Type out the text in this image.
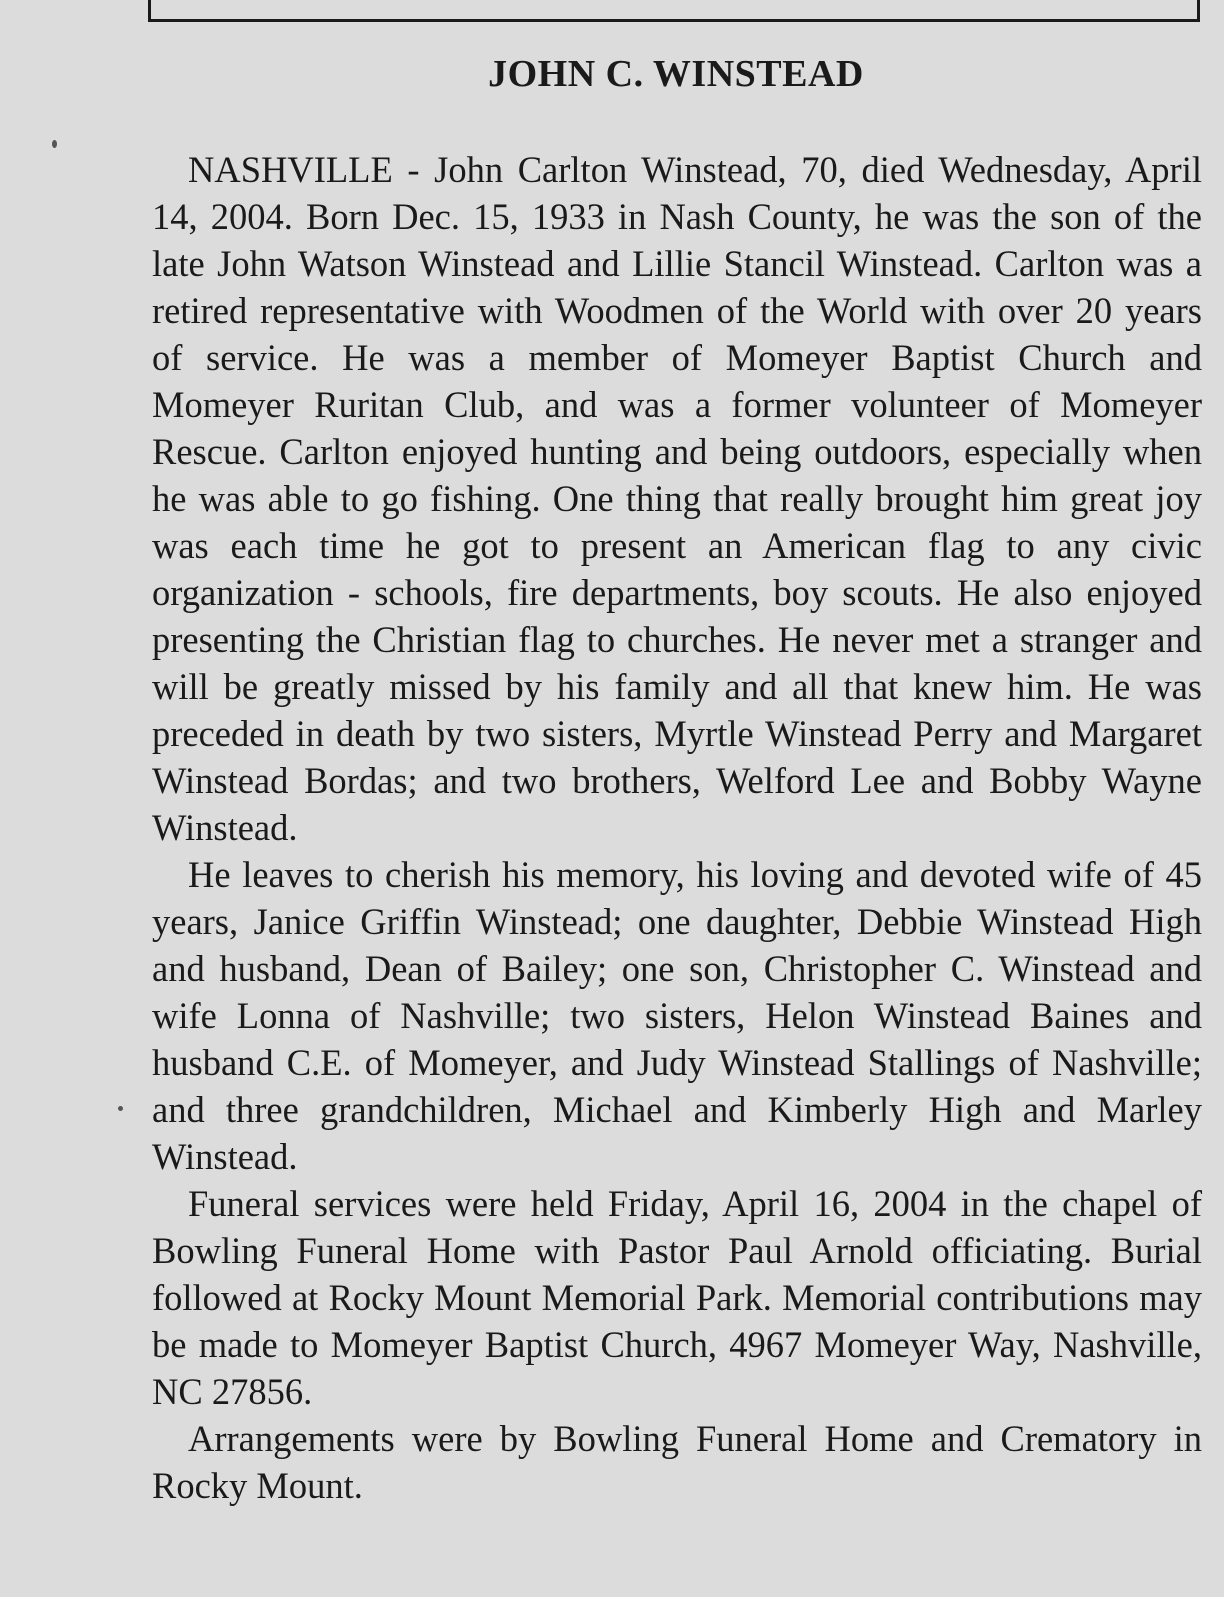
JOHN C. WINSTEAD

NASHVILLE - John Carlton Winstead, 70, died Wednesday, April 14, 2004. Born Dec. 15, 1933 in Nash County, he was the son of the late John Watson Winstead and Lillie Stancil Winstead. Carlton was a retired representative with Woodmen of the World with over 20 years of service. He was a member of Momeyer Baptist Church and Momeyer Ruritan Club, and was a former volunteer of Momeyer Rescue. Carlton enjoyed hunting and being outdoors, especially when he was able to go fishing. One thing that really brought him great joy was each time he got to present an American flag to any civic organization - schools, fire departments, boy scouts. He also enjoyed presenting the Christian flag to churches. He never met a stranger and will be greatly missed by his family and all that knew him. He was preceded in death by two sisters, Myrtle Winstead Perry and Margaret Winstead Bordas; and two brothers, Welford Lee and Bobby Wayne Winstead.

He leaves to cherish his memory, his loving and devoted wife of 45 years, Janice Griffin Winstead; one daughter, Debbie Winstead High and husband, Dean of Bailey; one son, Christopher C. Winstead and wife Lonna of Nashville; two sisters, Helon Winstead Baines and husband C.E. of Momeyer, and Judy Winstead Stallings of Nashville; and three grandchildren, Michael and Kimberly High and Marley Winstead.

Funeral services were held Friday, April 16, 2004 in the chapel of Bowling Funeral Home with Pastor Paul Arnold officiating. Burial followed at Rocky Mount Memorial Park. Memorial contributions may be made to Momeyer Baptist Church, 4967 Momeyer Way, Nashville, NC 27856.

Arrangements were by Bowling Funeral Home and Crematory in Rocky Mount.
